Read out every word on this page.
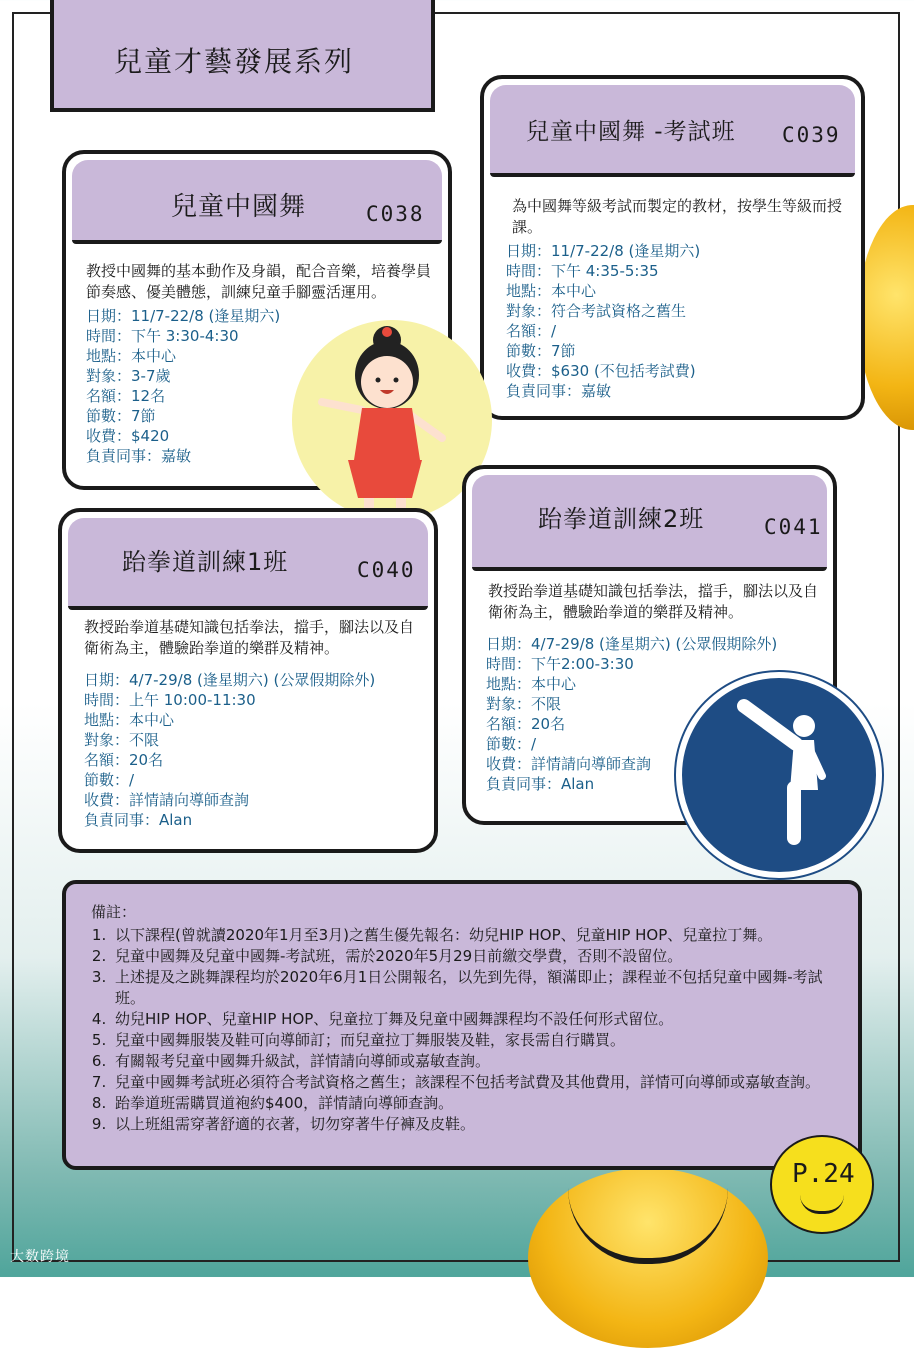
兒童才藝發展系列
兒童中國舞	C038
教授中國舞的基本動作及身韻，配合音樂，培養學員節奏感、優美體態，訓練兒童手腳靈活運用。
日期：11/7-22/8 (逢星期六)
時間：下午 3:30-4:30
地點：本中心
對象：3-7歲
名額：12名
節數：7節
收費：$420
負責同事：嘉敏
兒童中國舞 -考試班 C039
為中國舞等級考試而製定的教材，按學生等級而授課。
日期：11/7-22/8 (逢星期六)
時間：下午 4:35-5:35
地點：本中心
對象：符合考試資格之舊生
名額：/
節數：7節
收費：$630 (不包括考試費)
負責同事：嘉敏
跆拳道訓練1班	C040
教授跆拳道基礎知識包括拳法，擋手，腳法以及自衛術為主，體驗跆拳道的樂群及精神。
日期：4/7-29/8 (逢星期六) (公眾假期除外)
時間：上午 10:00-11:30
地點：本中心
對象：不限
名額：20名
節數：/
收費：詳情請向導師查詢
負責同事：Alan
跆拳道訓練2班	C041
教授跆拳道基礎知識包括拳法，擋手，腳法以及自衛術為主，體驗跆拳道的樂群及精神。
日期：4/7-29/8 (逢星期六) (公眾假期除外)
時間：下午2:00-3:30
地點：本中心
對象：不限
名額：20名
節數：/
收費：詳情請向導師查詢
負責同事：Alan
備註：
1. 以下課程(曾就讀2020年1月至3月)之舊生優先報名：幼兒HIP HOP、兒童HIP HOP、兒童拉丁舞。
2. 兒童中國舞及兒童中國舞-考試班，需於2020年5月29日前繳交學費，否則不設留位。
3. 上述提及之跳舞課程均於2020年6月1日公開報名，以先到先得，額滿即止；課程並不包括兒童中國舞-考試班。
4. 幼兒HIP HOP、兒童HIP HOP、兒童拉丁舞及兒童中國舞課程均不設任何形式留位。
5. 兒童中國舞服裝及鞋可向導師訂；而兒童拉丁舞服裝及鞋，家長需自行購買。
6. 有關報考兒童中國舞升級試，詳情請向導師或嘉敏查詢。
7. 兒童中國舞考試班必須符合考試資格之舊生；該課程不包括考試費及其他費用，詳情可向導師或嘉敏查詢。
8. 跆拳道班需購買道袍約$400，詳情請向導師查詢。
9. 以上班組需穿著舒適的衣著，切勿穿著牛仔褲及皮鞋。
P.24
大数跨境
